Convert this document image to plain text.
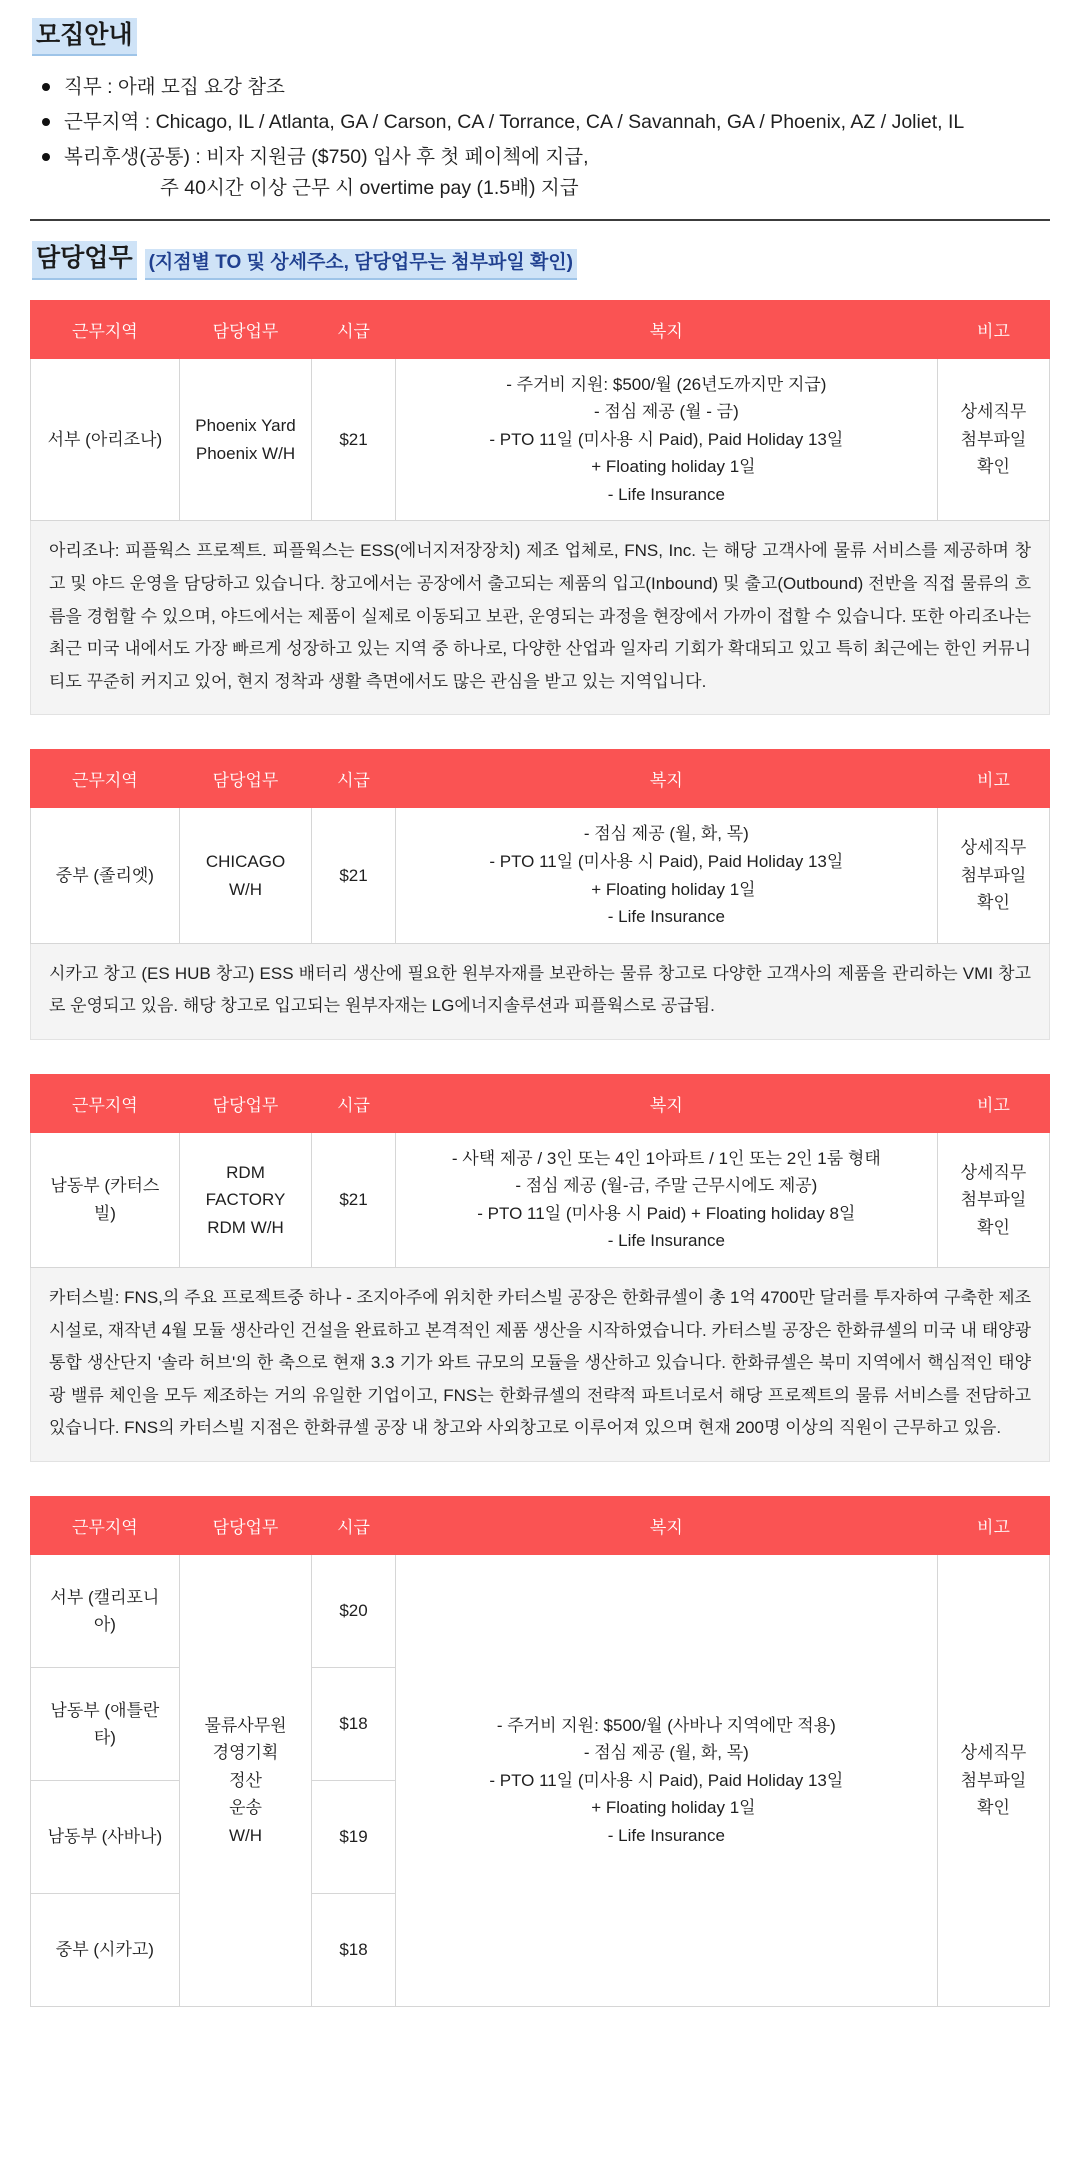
모집안내
직무 : 아래 모집 요강 참조
근무지역 : Chicago, IL / Atlanta, GA / Carson, CA / Torrance, CA / Savannah, GA / Phoenix, AZ / Joliet, IL
복리후생(공통) : 비자 지원금 ($750) 입사 후 첫 페이첵에 지급,
주 40시간 이상 근무 시 overtime pay (1.5배) 지급
담당업무 (지점별 TO 및 상세주소, 담당업무는 첨부파일 확인)
근무지역	담당업무	시급	복지	비고
서부 (아리조나)	Phoenix Yard
Phoenix W/H	$21	- 주거비 지원: $500/월 (26년도까지만 지급)
- 점심 제공 (월 - 금)
- PTO 11일 (미사용 시 Paid), Paid Holiday 13일
+ Floating holiday 1일
- Life Insurance	상세직무
첨부파일
확인
아리조나: 피플웍스 프로젝트. 피플웍스는 ESS(에너지저장장치) 제조 업체로, FNS, Inc. 는 해당 고객사에 물류 서비스를 제공하며 창고 및 야드 운영을 담당하고 있습니다. 창고에서는 공장에서 출고되는 제품의 입고(Inbound) 및 출고(Outbound) 전반을 직접 물류의 흐름을 경험할 수 있으며, 야드에서는 제품이 실제로 이동되고 보관, 운영되는 과정을 현장에서 가까이 접할 수 있습니다. 또한 아리조나는 최근 미국 내에서도 가장 빠르게 성장하고 있는 지역 중 하나로, 다양한 산업과 일자리 기회가 확대되고 있고 특히 최근에는 한인 커뮤니티도 꾸준히 커지고 있어, 현지 정착과 생활 측면에서도 많은 관심을 받고 있는 지역입니다.
근무지역	담당업무	시급	복지	비고
중부 (졸리엣)	CHICAGO W/H	$21	- 점심 제공 (월, 화, 목)
- PTO 11일 (미사용 시 Paid), Paid Holiday 13일
+ Floating holiday 1일
- Life Insurance	상세직무
첨부파일
확인
시카고 창고 (ES HUB 창고) ESS 배터리 생산에 필요한 원부자재를 보관하는 물류 창고로 다양한 고객사의 제품을 관리하는 VMI 창고로 운영되고 있음. 해당 창고로 입고되는 원부자재는 LG에너지솔루션과 피플웍스로 공급됨.
근무지역	담당업무	시급	복지	비고
남동부 (카터스빌)	RDM FACTORY
RDM W/H	$21	- 사택 제공 / 3인 또는 4인 1아파트 / 1인 또는 2인 1룸 형태
- 점심 제공 (월-금, 주말 근무시에도 제공)
- PTO 11일 (미사용 시 Paid) + Floating holiday 8일
- Life Insurance	상세직무
첨부파일
확인
카터스빌: FNS,의 주요 프로젝트중 하나 - 조지아주에 위치한 카터스빌 공장은 한화큐셀이 총 1억 4700만 달러를 투자하여 구축한 제조 시설로, 재작년 4월 모듈 생산라인 건설을 완료하고 본격적인 제품 생산을 시작하였습니다. 카터스빌 공장은 한화큐셀의 미국 내 태양광 통합 생산단지 '솔라 허브'의 한 축으로 현재 3.3 기가 와트 규모의 모듈을 생산하고 있습니다. 한화큐셀은 북미 지역에서 핵심적인 태양광 밸류 체인을 모두 제조하는 거의 유일한 기업이고, FNS는 한화큐셀의 전략적 파트너로서 해당 프로젝트의 물류 서비스를 전담하고 있습니다. FNS의 카터스빌 지점은 한화큐셀 공장 내 창고와 사외창고로 이루어져 있으며 현재 200명 이상의 직원이 근무하고 있음.
근무지역	담당업무	시급	복지	비고
서부 (캘리포니아)	물류사무원
경영기획
정산
운송
W/H	$20	- 주거비 지원: $500/월 (사바나 지역에만 적용)
- 점심 제공 (월, 화, 목)
- PTO 11일 (미사용 시 Paid), Paid Holiday 13일
+ Floating holiday 1일
- Life Insurance	상세직무
첨부파일
확인
남동부 (애틀란타)		$18		
남동부 (사바나)		$19		
중부 (시카고)		$18		
